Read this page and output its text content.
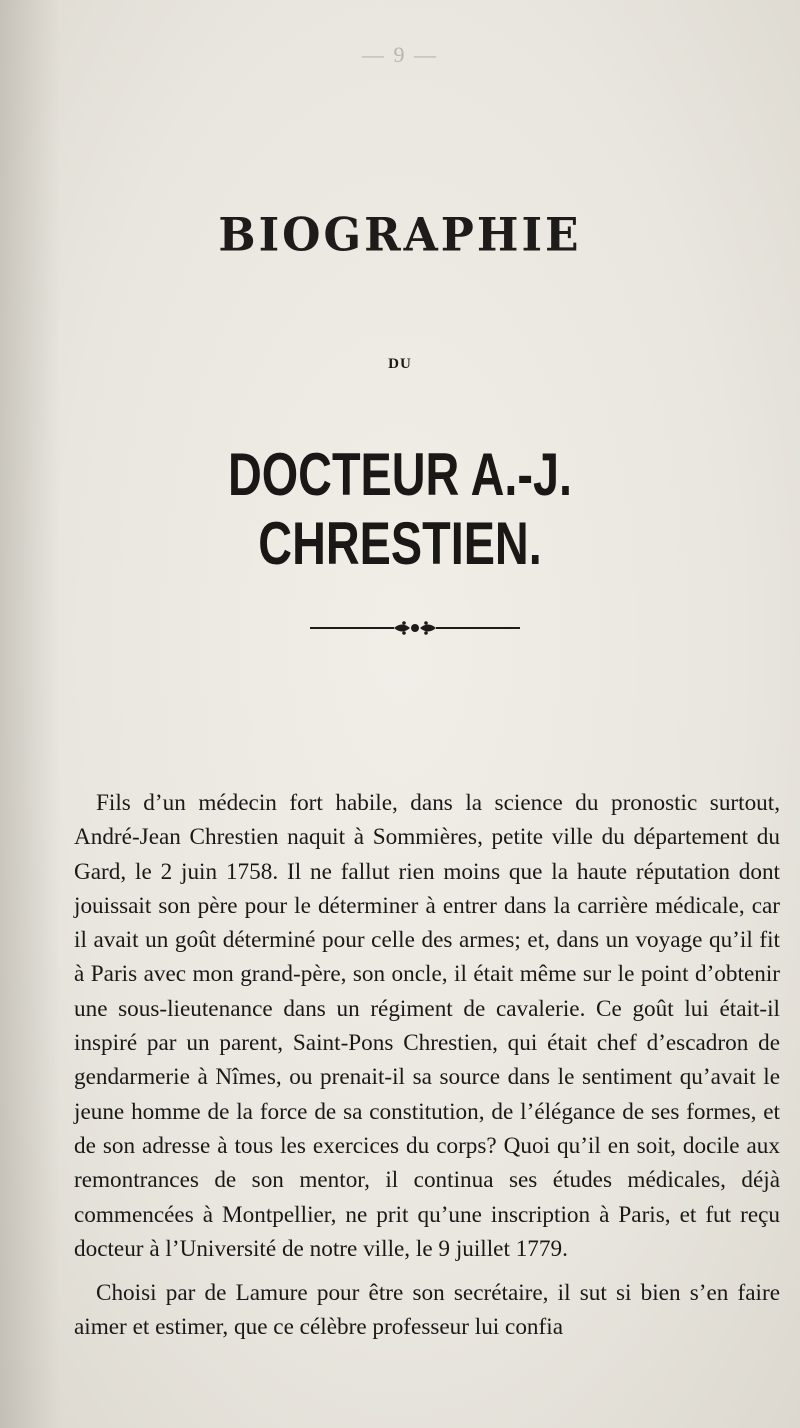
— 9 —
BIOGRAPHIE
DU
DOCTEUR A.-J. CHRESTIEN.

Fils d’un médecin fort habile, dans la science du pronostic surtout, André-Jean Chrestien naquit à Sommières, petite ville du département du Gard, le 2 juin 1758. Il ne fallut rien moins que la haute réputation dont jouissait son père pour le déterminer à entrer dans la carrière médicale, car il avait un goût déterminé pour celle des armes; et, dans un voyage qu’il fit à Paris avec mon grand-père, son oncle, il était même sur le point d’obtenir une sous-lieutenance dans un régiment de cavalerie. Ce goût lui était-il inspiré par un parent, Saint-Pons Chrestien, qui était chef d’escadron de gendarmerie à Nîmes, ou prenait-il sa source dans le sentiment qu’avait le jeune homme de la force de sa constitution, de l’élégance de ses formes, et de son adresse à tous les exercices du corps? Quoi qu’il en soit, docile aux remontrances de son mentor, il continua ses études médicales, déjà commencées à Montpellier, ne prit qu’une inscription à Paris, et fut reçu docteur à l’Université de notre ville, le 9 juillet 1779.

Choisi par de Lamure pour être son secrétaire, il sut si bien s’en faire aimer et estimer, que ce célèbre professeur lui confia
